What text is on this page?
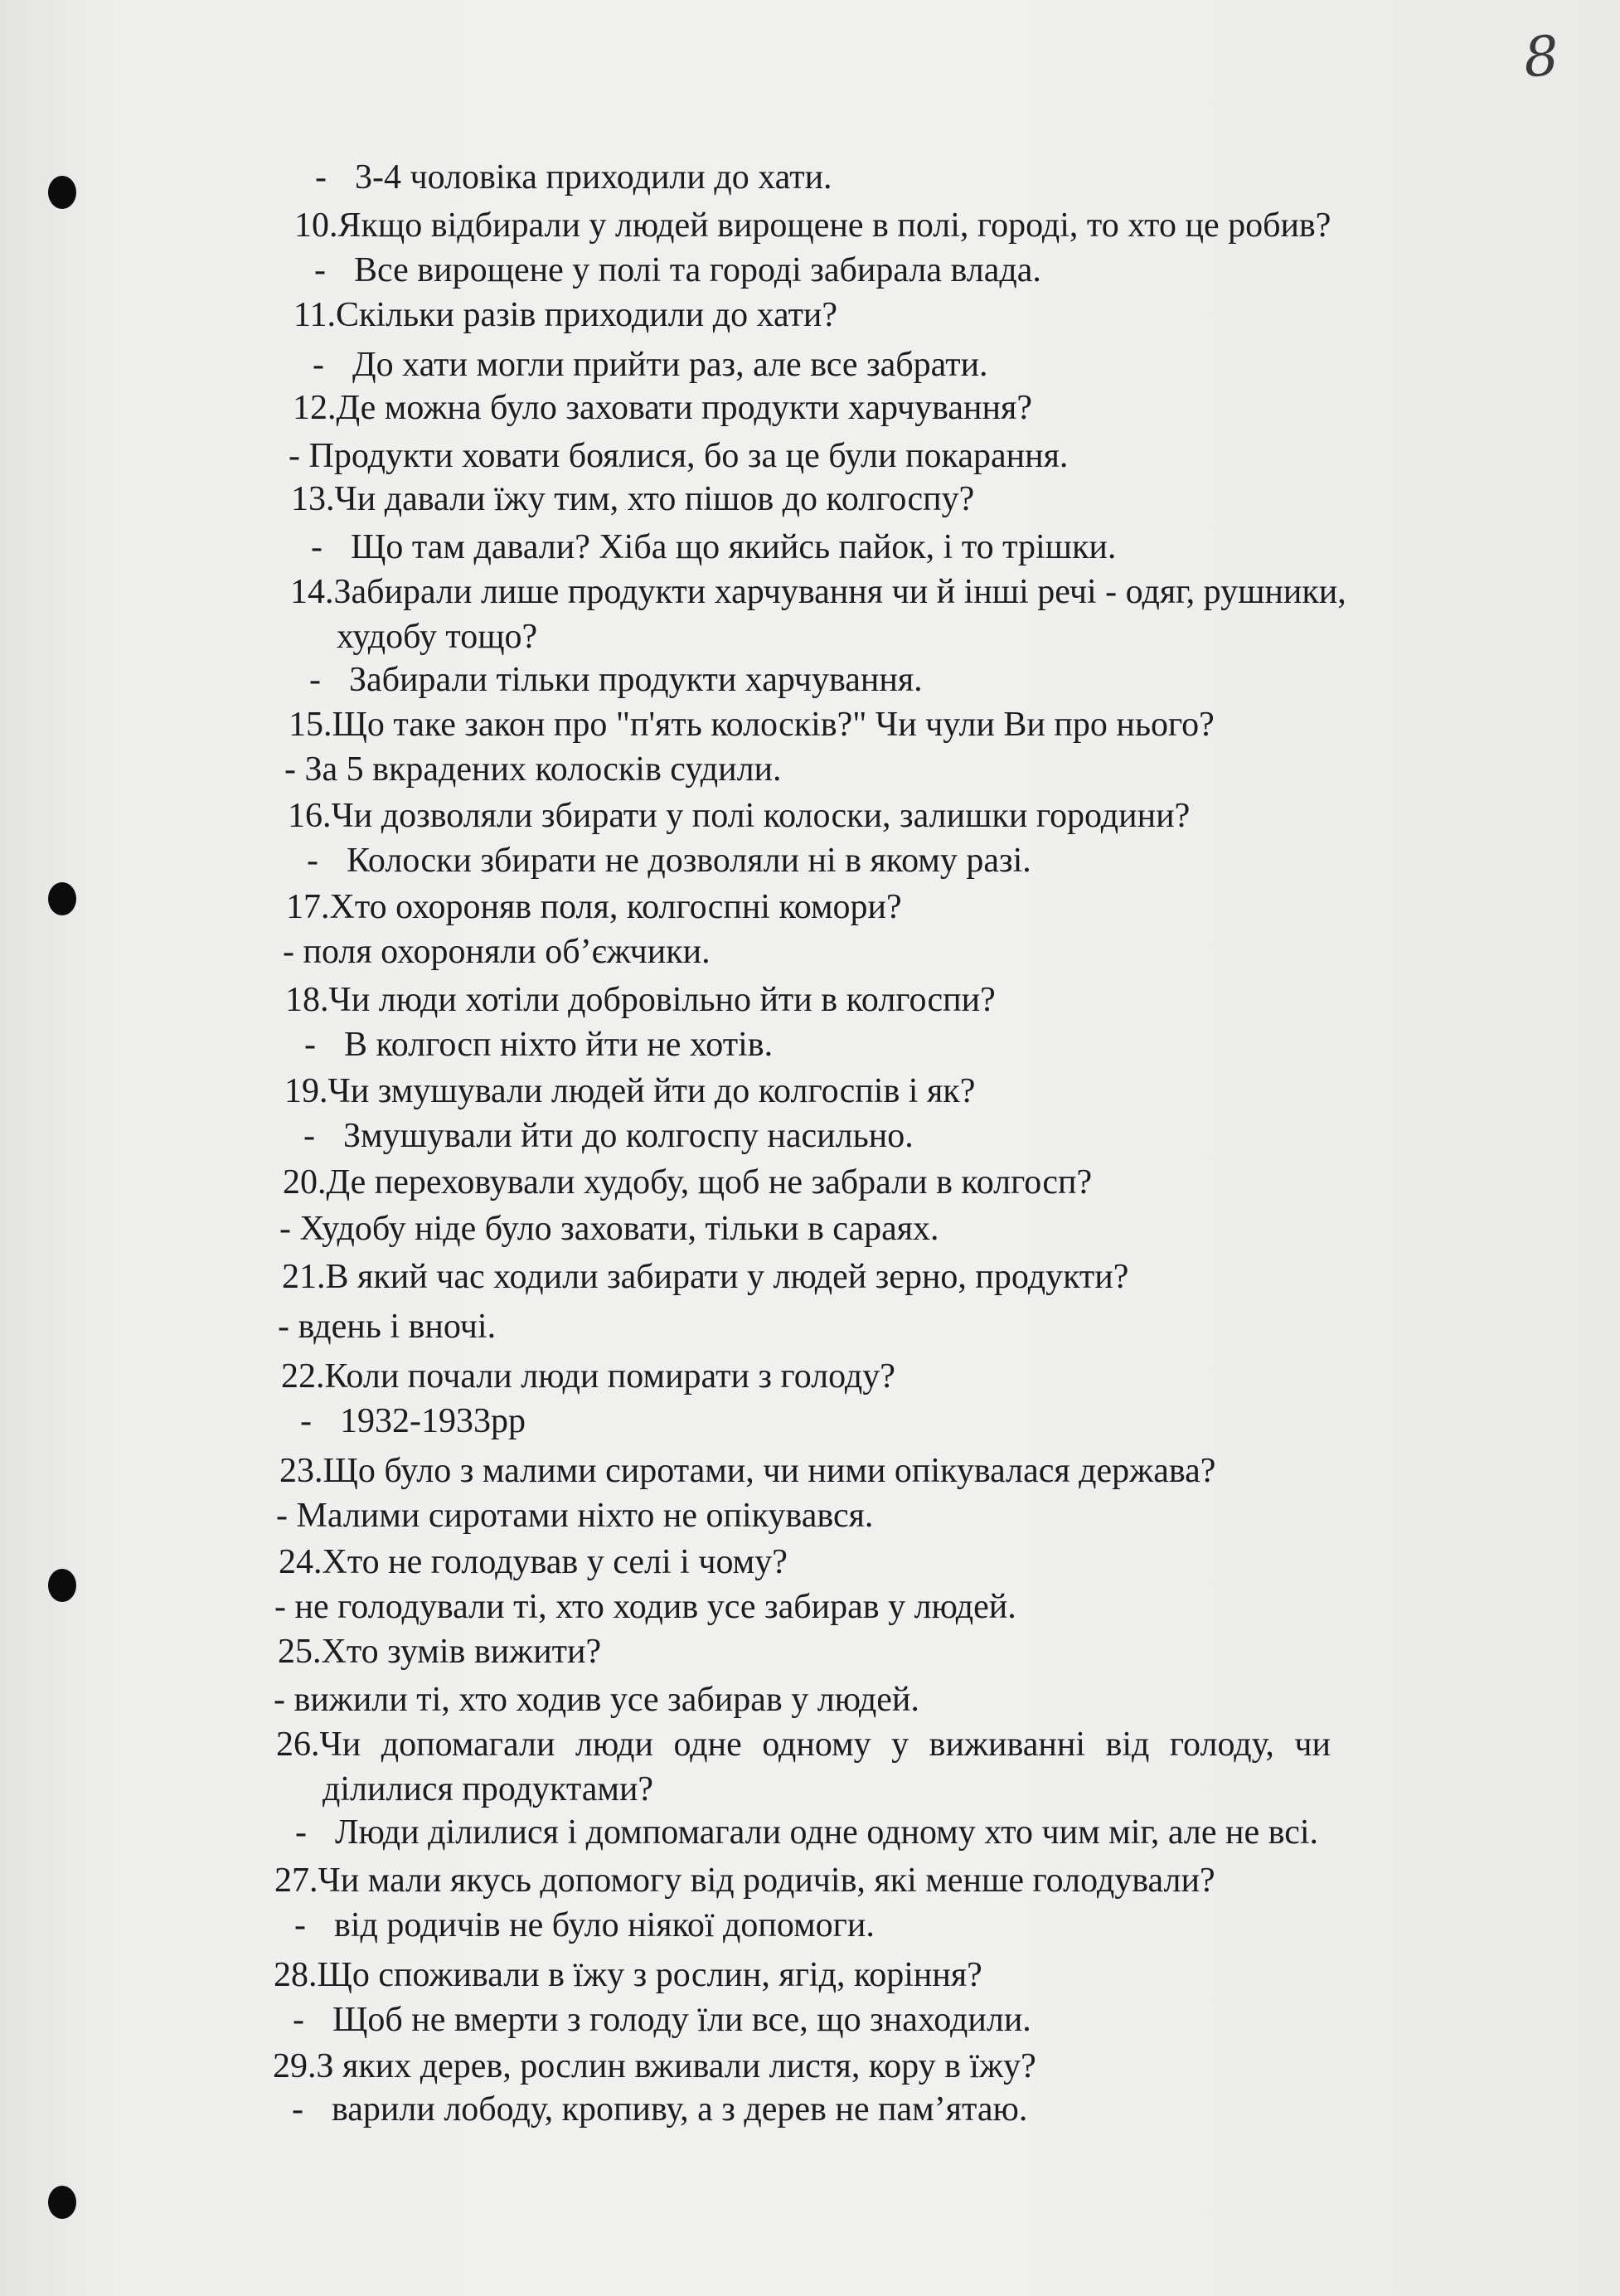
8
- 3-4 чоловіка приходили до хати.
10.Якщо відбирали у людей вирощене в полі, городі, то хто це робив?
- Все вирощене у полі та городі забирала влада.
11.Скільки разів приходили до хати?
- До хати могли прийти раз, але все забрати.
12.Де можна було заховати продукти харчування?
- Продукти ховати боялися, бо за це були покарання.
13.Чи давали їжу тим, хто пішов до колгоспу?
- Що там давали? Хіба що якийсь пайок, і то трішки.
14.Забирали лише продукти харчування чи й інші речі - одяг, рушники,
худобу тощо?
- Забирали тільки продукти харчування.
15.Що таке закон про "п'ять колосків?" Чи чули Ви про нього?
- За 5 вкрадених колосків судили.
16.Чи дозволяли збирати у полі колоски, залишки городини?
- Колоски збирати не дозволяли ні в якому разі.
17.Хто охороняв поля, колгоспні комори?
- поля охороняли об’єжчики.
18.Чи люди хотіли добровільно йти в колгоспи?
- В колгосп ніхто йти не хотів.
19.Чи змушували людей йти до колгоспів і як?
- Змушували йти до колгоспу насильно.
20.Де переховували худобу, щоб не забрали в колгосп?
- Худобу ніде було заховати, тільки в сараях.
21.В який час ходили забирати у людей зерно, продукти?
- вдень і вночі.
22.Коли почали люди помирати з голоду?
- 1932-1933рр
23.Що було з малими сиротами, чи ними опікувалася держава?
- Малими сиротами ніхто не опікувався.
24.Хто не голодував у селі і чому?
- не голодували ті, хто ходив усе забирав у людей.
25.Хто зумів вижити?
- вижили ті, хто ходив усе забирав у людей.
26.Чи допомагали люди одне одному у виживанні від голоду, чи
ділилися продуктами?
- Люди ділилися і домпомагали одне одному хто чим міг, але не всі.
27.Чи мали якусь допомогу від родичів, які менше голодували?
- від родичів не було ніякої допомоги.
28.Що споживали в їжу з рослин, ягід, коріння?
- Щоб не вмерти з голоду їли все, що знаходили.
29.З яких дерев, рослин вживали листя, кору в їжу?
- варили лободу, кропиву, а з дерев не пам’ятаю.
